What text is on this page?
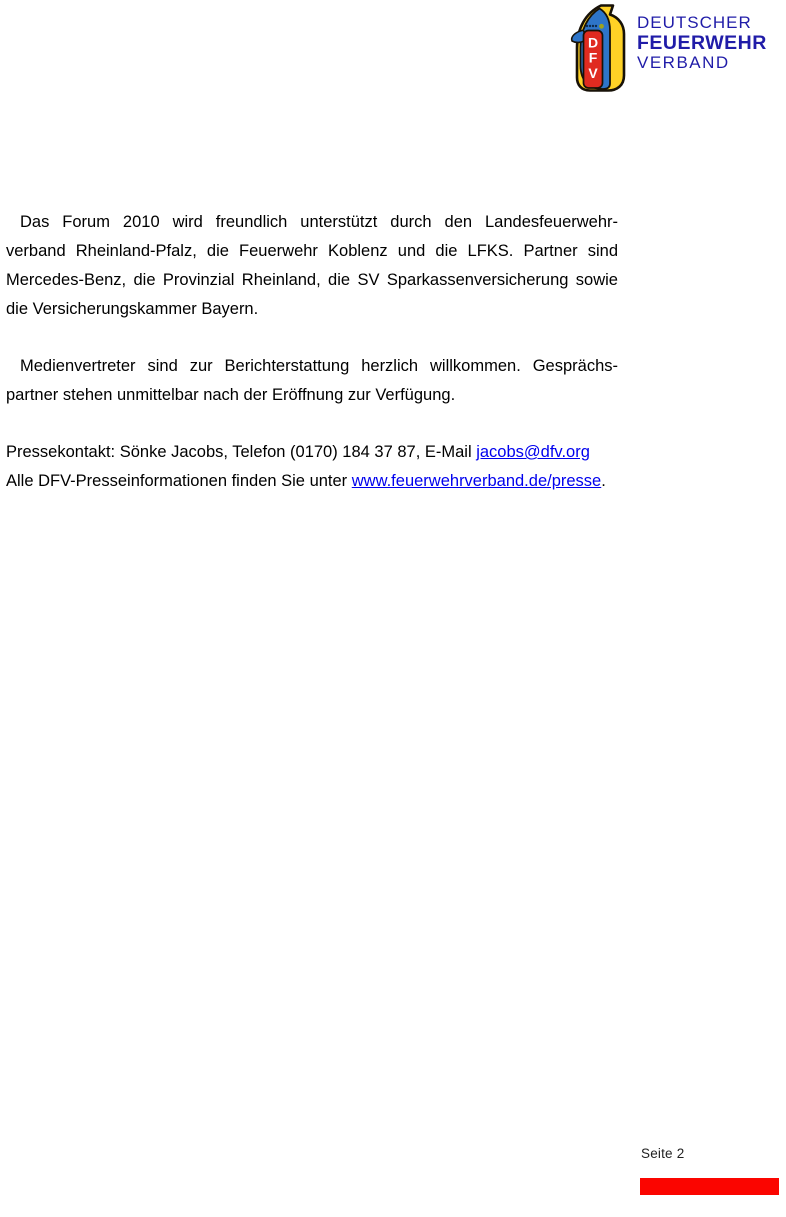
D
F
V
DEUTSCHER
FEUERWEHR
VERBAND
Das Forum 2010 wird freundlich unterstützt durch den Landesfeuerwehr-
verband Rheinland-Pfalz, die Feuerwehr Koblenz und die LFKS. Partner sind
Mercedes-Benz, die Provinzial Rheinland, die SV Sparkassenversicherung sowie
die Versicherungskammer Bayern.
Medienvertreter sind zur Berichterstattung herzlich willkommen. Gesprächs-
partner stehen unmittelbar nach der Eröffnung zur Verfügung.
Pressekontakt: Sönke Jacobs, Telefon (0170) 184 37 87, E-Mail jacobs@dfv.org
Alle DFV-Presseinformationen finden Sie unter www.feuerwehrverband.de/presse.
Seite 2
